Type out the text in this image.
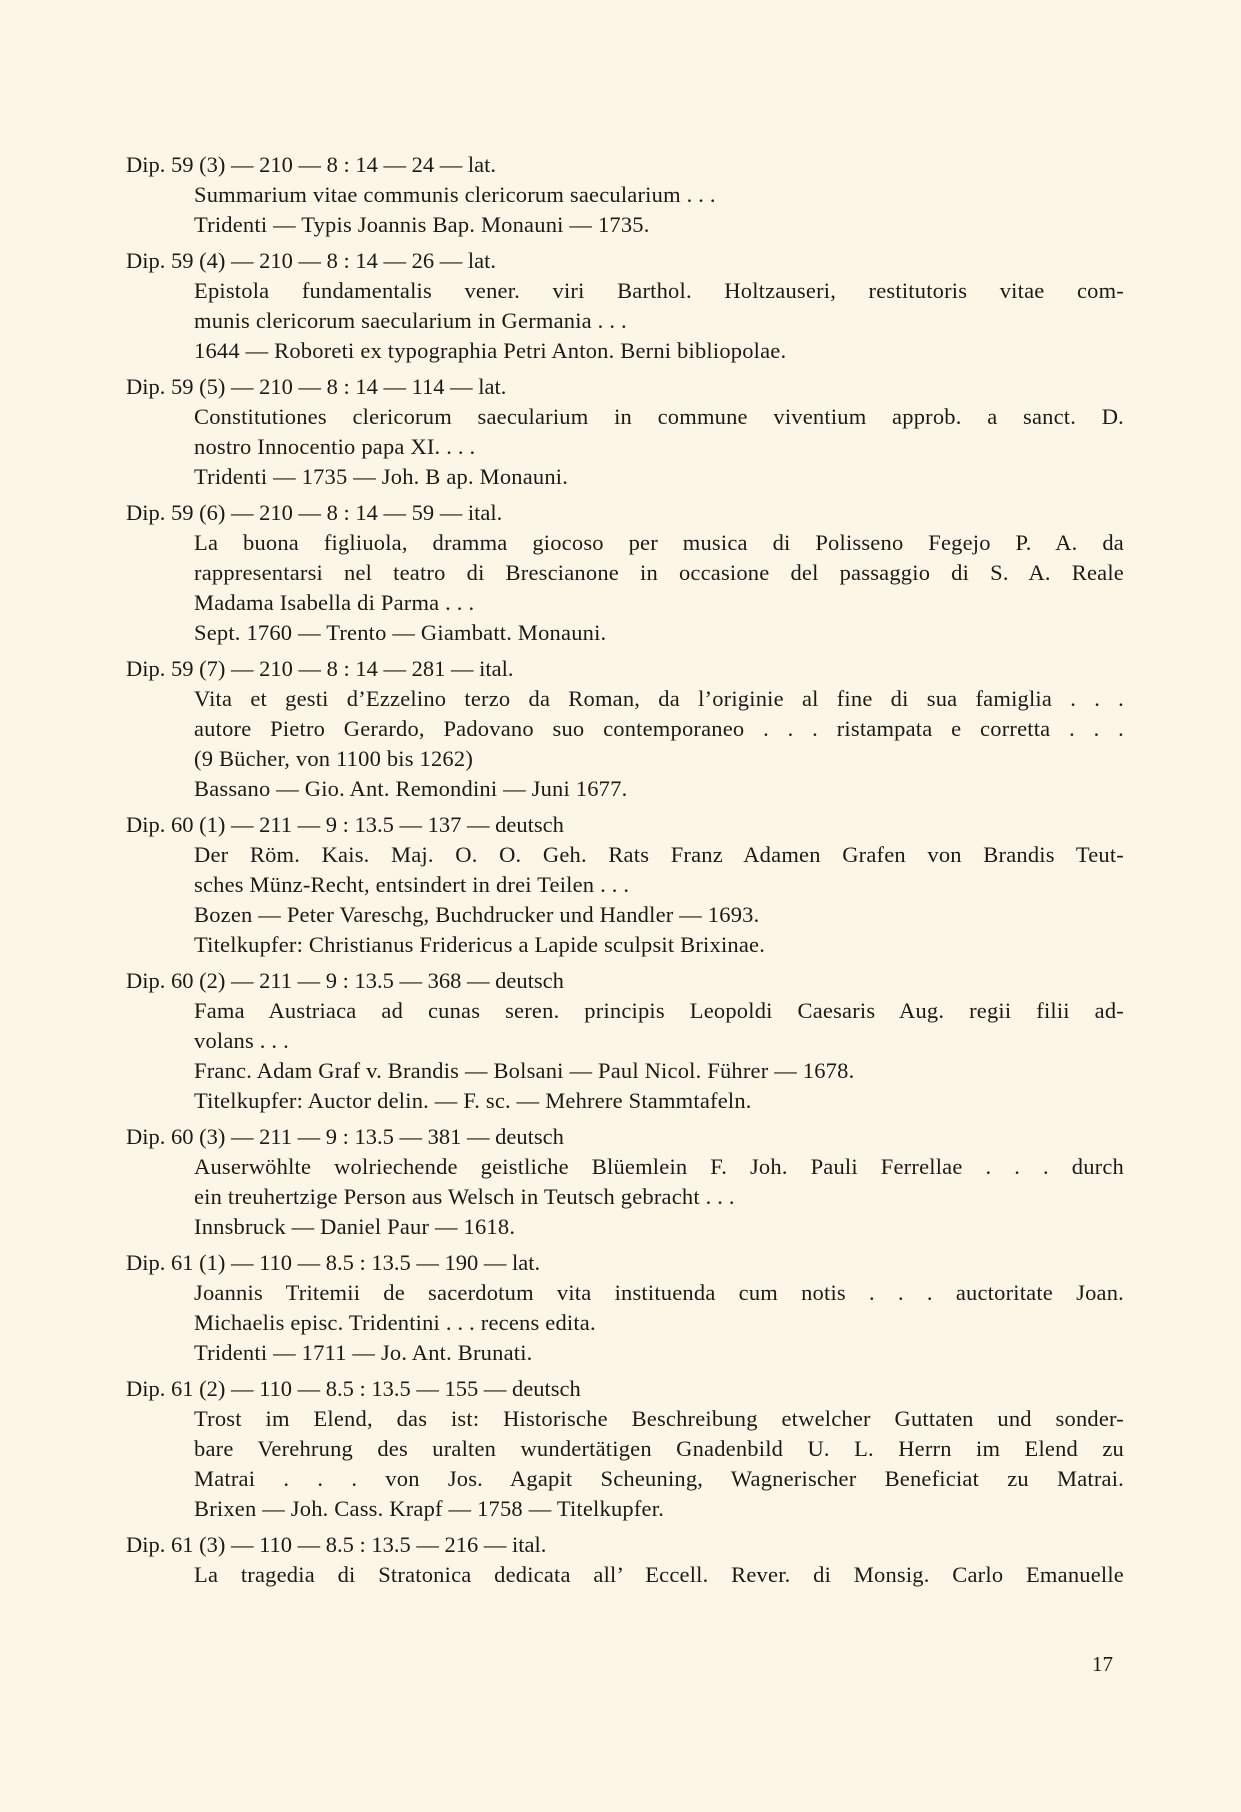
Dip. 59 (3) — 210 — 8 : 14 — 24 — lat.
Summarium vitae communis clericorum saecularium . . .
Tridenti — Typis Joannis Bap. Monauni — 1735.
Dip. 59 (4) — 210 — 8 : 14 — 26 — lat.
Epistola fundamentalis vener. viri Barthol. Holtzauseri, restitutoris vitae com-
munis clericorum saecularium in Germania . . .
1644 — Roboreti ex typographia Petri Anton. Berni bibliopolae.
Dip. 59 (5) — 210 — 8 : 14 — 114 — lat.
Constitutiones clericorum saecularium in commune viventium approb. a sanct. D.
nostro Innocentio papa XI. . . .
Tridenti — 1735 — Joh. B ap. Monauni.
Dip. 59 (6) — 210 — 8 : 14 — 59 — ital.
La buona figliuola, dramma giocoso per musica di Polisseno Fegejo P. A. da
rappresentarsi nel teatro di Brescianone in occasione del passaggio di S. A. Reale
Madama Isabella di Parma . . .
Sept. 1760 — Trento — Giambatt. Monauni.
Dip. 59 (7) — 210 — 8 : 14 — 281 — ital.
Vita et gesti d’Ezzelino terzo da Roman, da l’originie al fine di sua famiglia . . .
autore Pietro Gerardo, Padovano suo contemporaneo . . . ristampata e corretta . . .
(9 Bücher, von 1100 bis 1262)
Bassano — Gio. Ant. Remondini — Juni 1677.
Dip. 60 (1) — 211 — 9 : 13.5 — 137 — deutsch
Der Röm. Kais. Maj. O. O. Geh. Rats Franz Adamen Grafen von Brandis Teut-
sches Münz-Recht, entsindert in drei Teilen . . .
Bozen — Peter Vareschg, Buchdrucker und Handler — 1693.
Titelkupfer: Christianus Fridericus a Lapide sculpsit Brixinae.
Dip. 60 (2) — 211 — 9 : 13.5 — 368 — deutsch
Fama Austriaca ad cunas seren. principis Leopoldi Caesaris Aug. regii filii ad-
volans . . .
Franc. Adam Graf v. Brandis — Bolsani — Paul Nicol. Führer — 1678.
Titelkupfer: Auctor delin. — F. sc. — Mehrere Stammtafeln.
Dip. 60 (3) — 211 — 9 : 13.5 — 381 — deutsch
Auserwöhlte wolriechende geistliche Blüemlein F. Joh. Pauli Ferrellae . . . durch
ein treuhertzige Person aus Welsch in Teutsch gebracht . . .
Innsbruck — Daniel Paur — 1618.
Dip. 61 (1) — 110 — 8.5 : 13.5 — 190 — lat.
Joannis Tritemii de sacerdotum vita instituenda cum notis . . . auctoritate Joan.
Michaelis episc. Tridentini . . . recens edita.
Tridenti — 1711 — Jo. Ant. Brunati.
Dip. 61 (2) — 110 — 8.5 : 13.5 — 155 — deutsch
Trost im Elend, das ist: Historische Beschreibung etwelcher Guttaten und sonder-
bare Verehrung des uralten wundertätigen Gnadenbild U. L. Herrn im Elend zu
Matrai . . . von Jos. Agapit Scheuning, Wagnerischer Beneficiat zu Matrai.
Brixen — Joh. Cass. Krapf — 1758 — Titelkupfer.
Dip. 61 (3) — 110 — 8.5 : 13.5 — 216 — ital.
La tragedia di Stratonica dedicata all’ Eccell. Rever. di Monsig. Carlo Emanuelle
17
